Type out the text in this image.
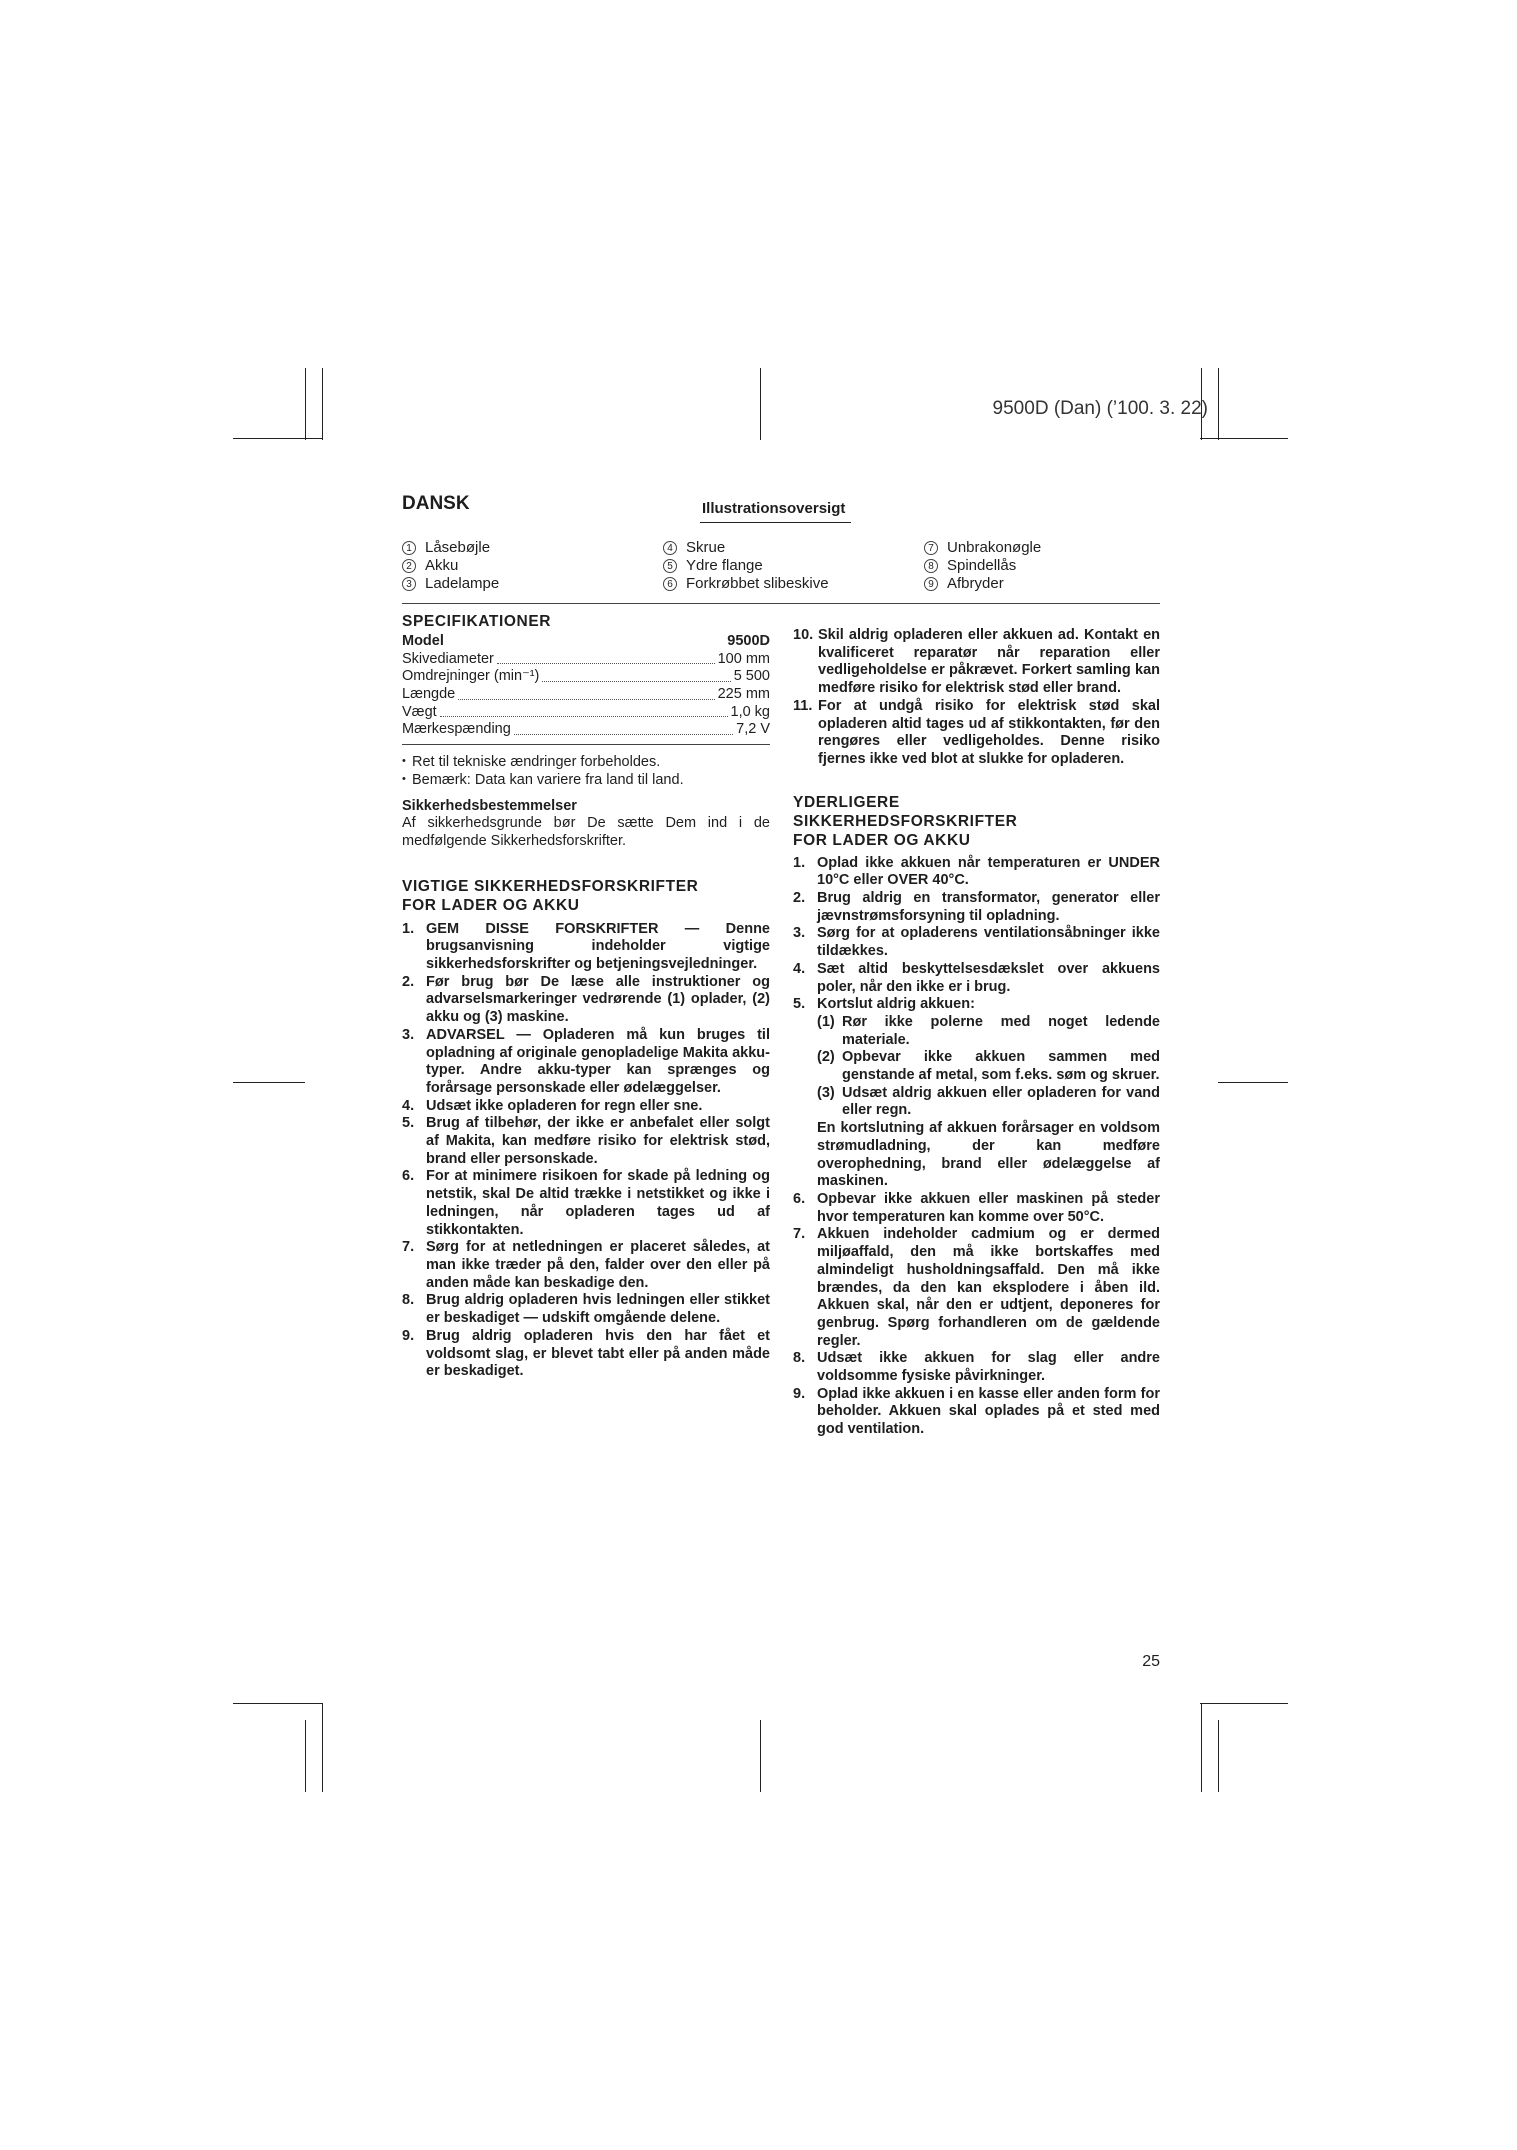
9500D (Dan) (’100. 3. 22)
DANSK	Illustrationsoversigt
1 Låsebøjle
2 Akku
3 Ladelampe
4 Skrue
5 Ydre flange
6 Forkrøbbet slibeskive
7 Unbrakonøgle
8 Spindellås
9 Afbryder
SPECIFIKATIONER
Model	9500D
Skivediameter	100 mm
Omdrejninger (min⁻¹)	5 500
Længde	225 mm
Vægt	1,0 kg
Mærkespænding	7,2 V
• Ret til tekniske ændringer forbeholdes.
• Bemærk: Data kan variere fra land til land.
Sikkerhedsbestemmelser
Af sikkerhedsgrunde bør De sætte Dem ind i de medfølgende Sikkerhedsforskrifter.
VIGTIGE SIKKERHEDSFORSKRIFTER
FOR LADER OG AKKU
1. GEM DISSE FORSKRIFTER — Denne brugsanvisning indeholder vigtige sikkerhedsforskrifter og betjeningsvejledninger.
2. Før brug bør De læse alle instruktioner og advarselsmarkeringer vedrørende (1) oplader, (2) akku og (3) maskine.
3. ADVARSEL — Opladeren må kun bruges til opladning af originale genopladelige Makita akku-typer. Andre akku-typer kan sprænges og forårsage personskade eller ødelæggelser.
4. Udsæt ikke opladeren for regn eller sne.
5. Brug af tilbehør, der ikke er anbefalet eller solgt af Makita, kan medføre risiko for elektrisk stød, brand eller personskade.
6. For at minimere risikoen for skade på ledning og netstik, skal De altid trække i netstikket og ikke i ledningen, når opladeren tages ud af stikkontakten.
7. Sørg for at netledningen er placeret således, at man ikke træder på den, falder over den eller på anden måde kan beskadige den.
8. Brug aldrig opladeren hvis ledningen eller stikket er beskadiget — udskift omgående delene.
9. Brug aldrig opladeren hvis den har fået et voldsomt slag, er blevet tabt eller på anden måde er beskadiget.
10. Skil aldrig opladeren eller akkuen ad. Kontakt en kvalificeret reparatør når reparation eller vedligeholdelse er påkrævet. Forkert samling kan medføre risiko for elektrisk stød eller brand.
11. For at undgå risiko for elektrisk stød skal opladeren altid tages ud af stikkontakten, før den rengøres eller vedligeholdes. Denne risiko fjernes ikke ved blot at slukke for opladeren.
YDERLIGERE
SIKKERHEDSFORSKRIFTER
FOR LADER OG AKKU
1. Oplad ikke akkuen når temperaturen er UNDER 10°C eller OVER 40°C.
2. Brug aldrig en transformator, generator eller jævnstrømsforsyning til opladning.
3. Sørg for at opladerens ventilationsåbninger ikke tildækkes.
4. Sæt altid beskyttelsesdækslet over akkuens poler, når den ikke er i brug.
5. Kortslut aldrig akkuen:
(1) Rør ikke polerne med noget ledende materiale.
(2) Opbevar ikke akkuen sammen med genstande af metal, som f.eks. søm og skruer.
(3) Udsæt aldrig akkuen eller opladeren for vand eller regn.
En kortslutning af akkuen forårsager en voldsom strømudladning, der kan medføre overophedning, brand eller ødelæggelse af maskinen.
6. Opbevar ikke akkuen eller maskinen på steder hvor temperaturen kan komme over 50°C.
7. Akkuen indeholder cadmium og er dermed miljøaffald, den må ikke bortskaffes med almindeligt husholdningsaffald. Den må ikke brændes, da den kan eksplodere i åben ild. Akkuen skal, når den er udtjent, deponeres for genbrug. Spørg forhandleren om de gældende regler.
8. Udsæt ikke akkuen for slag eller andre voldsomme fysiske påvirkninger.
9. Oplad ikke akkuen i en kasse eller anden form for beholder. Akkuen skal oplades på et sted med god ventilation.
25
